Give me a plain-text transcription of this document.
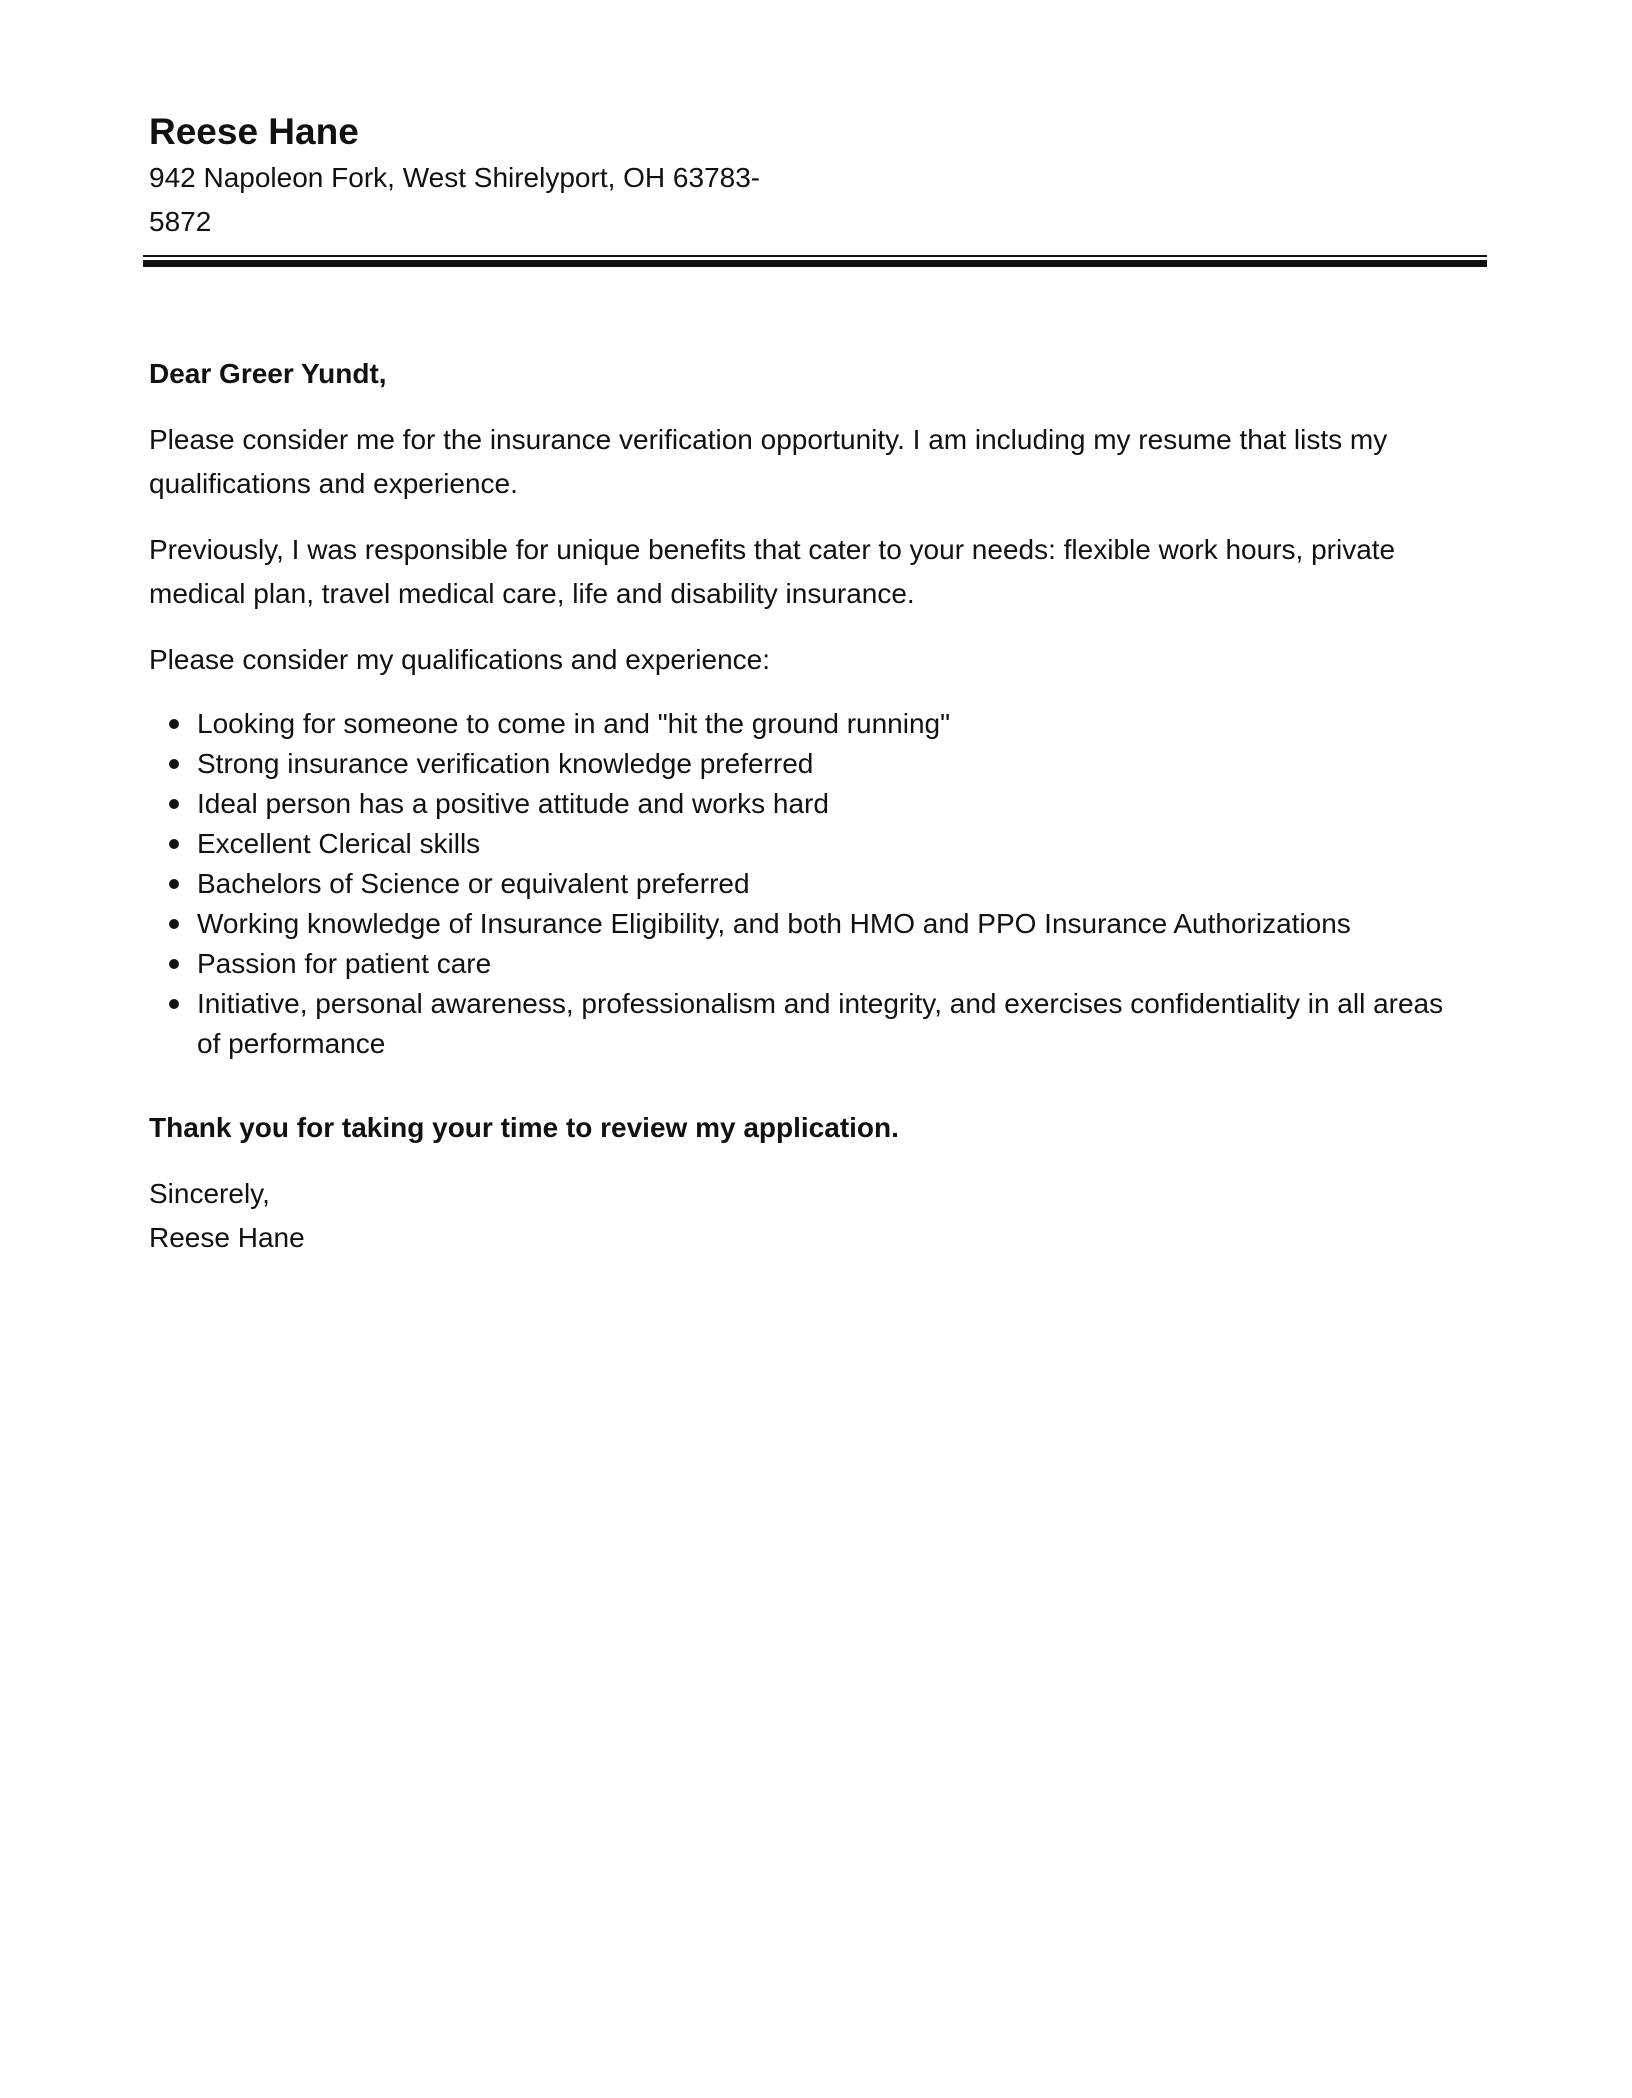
Reese Hane

942 Napoleon Fork, West Shirelyport, OH 63783-
5872

Dear Greer Yundt,

Please consider me for the insurance verification opportunity. I am including my resume that lists my qualifications and experience.

Previously, I was responsible for unique benefits that cater to your needs: flexible work hours, private medical plan, travel medical care, life and disability insurance.

Please consider my qualifications and experience:

Looking for someone to come in and "hit the ground running"
Strong insurance verification knowledge preferred
Ideal person has a positive attitude and works hard
Excellent Clerical skills
Bachelors of Science or equivalent preferred
Working knowledge of Insurance Eligibility, and both HMO and PPO Insurance Authorizations
Passion for patient care
Initiative, personal awareness, professionalism and integrity, and exercises confidentiality in all areas of performance

Thank you for taking your time to review my application.

Sincerely,
Reese Hane
